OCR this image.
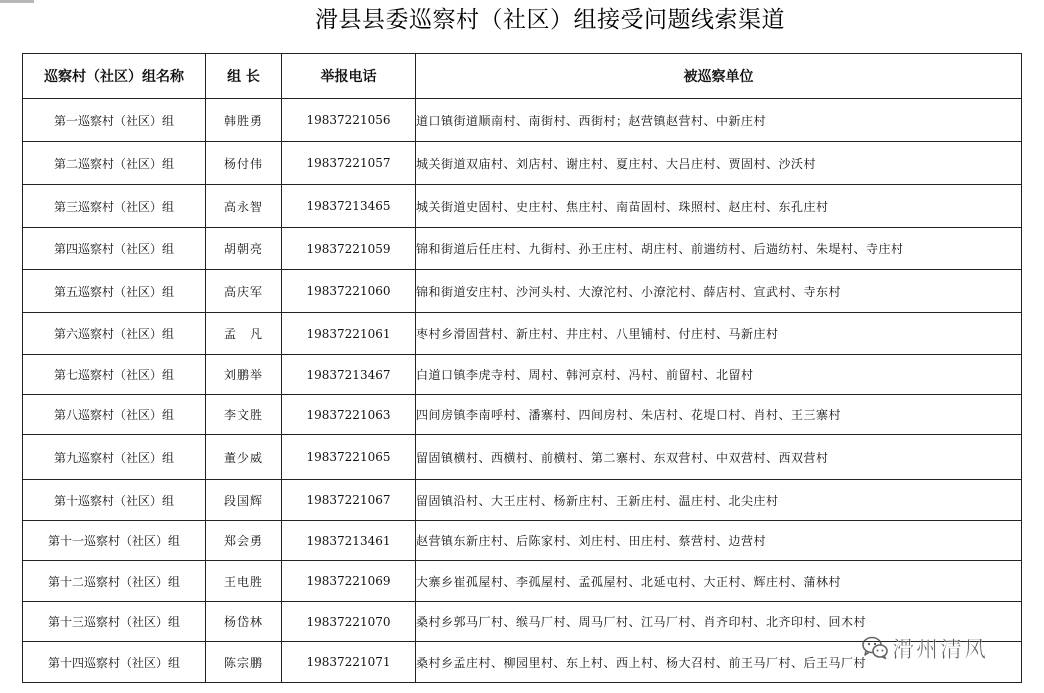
滑县县委巡察村（社区）组接受问题线索渠道
巡察村（社区）组名称	组 长	举报电话	被巡察单位
第一巡察村（社区）组	韩胜勇	19837221056	道口镇街道顺南村、南街村、西街村；赵营镇赵营村、中新庄村
第二巡察村（社区）组	杨付伟	19837221057	城关街道双庙村、刘店村、谢庄村、夏庄村、大吕庄村、贾固村、沙沃村
第三巡察村（社区）组	高永智	19837213465	城关街道史固村、史庄村、焦庄村、南苗固村、珠照村、赵庄村、东孔庄村
第四巡察村（社区）组	胡朝亮	19837221059	锦和街道后任庄村、九街村、孙王庄村、胡庄村、前遄纺村、后遄纺村、朱堤村、寺庄村
第五巡察村（社区）组	高庆军	19837221060	锦和街道安庄村、沙河头村、大潦沱村、小潦沱村、薛店村、宣武村、寺东村
第六巡察村（社区）组	孟　凡	19837221061	枣村乡滑固营村、新庄村、井庄村、八里铺村、付庄村、马新庄村
第七巡察村（社区）组	刘鹏举	19837213467	白道口镇李虎寺村、周村、韩河京村、冯村、前留村、北留村
第八巡察村（社区）组	李文胜	19837221063	四间房镇李南呼村、潘寨村、四间房村、朱店村、花堤口村、肖村、王三寨村
第九巡察村（社区）组	董少威	19837221065	留固镇横村、西横村、前横村、第二寨村、东双营村、中双营村、西双营村
第十巡察村（社区）组	段国辉	19837221067	留固镇沿村、大王庄村、杨新庄村、王新庄村、温庄村、北尖庄村
第十一巡察村（社区）组	郑会勇	19837213461	赵营镇东新庄村、后陈家村、刘庄村、田庄村、蔡营村、边营村
第十二巡察村（社区）组	王电胜	19837221069	大寨乡崔孤屋村、李孤屋村、孟孤屋村、北延屯村、大正村、辉庄村、蒲林村
第十三巡察村（社区）组	杨岱林	19837221070	桑村乡郭马厂村、缑马厂村、周马厂村、江马厂村、肖齐印村、北齐印村、回木村
第十四巡察村（社区）组	陈宗鹏	19837221071	桑村乡孟庄村、柳园里村、东上村、西上村、杨大召村、前王马厂村、后王马厂村 滑州清风
